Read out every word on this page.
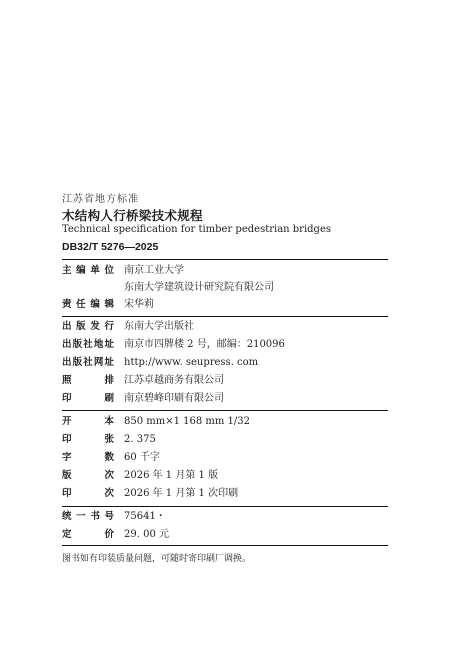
江苏省地方标准
木结构人行桥梁技术规程
Technical specification for timber pedestrian bridges
DB32/T 5276—2025
主编单位 南京工业大学
东南大学建筑设计研究院有限公司
责任编辑 宋华莉
出版发行 东南大学出版社
出版社地址 南京市四牌楼 2 号，邮编：210096
出版社网址 http://www. seupress. com
照排 江苏卓越商务有限公司
印刷 南京碧峰印刷有限公司
开本 850 mm×1 168 mm 1/32
印张 2. 375
字数 60 千字
版次 2026 年 1 月第 1 版
印次 2026 年 1 月第 1 次印刷
统一书号 75641・
定价 29. 00 元
图书如有印装质量问题，可随时寄印刷厂调换。
